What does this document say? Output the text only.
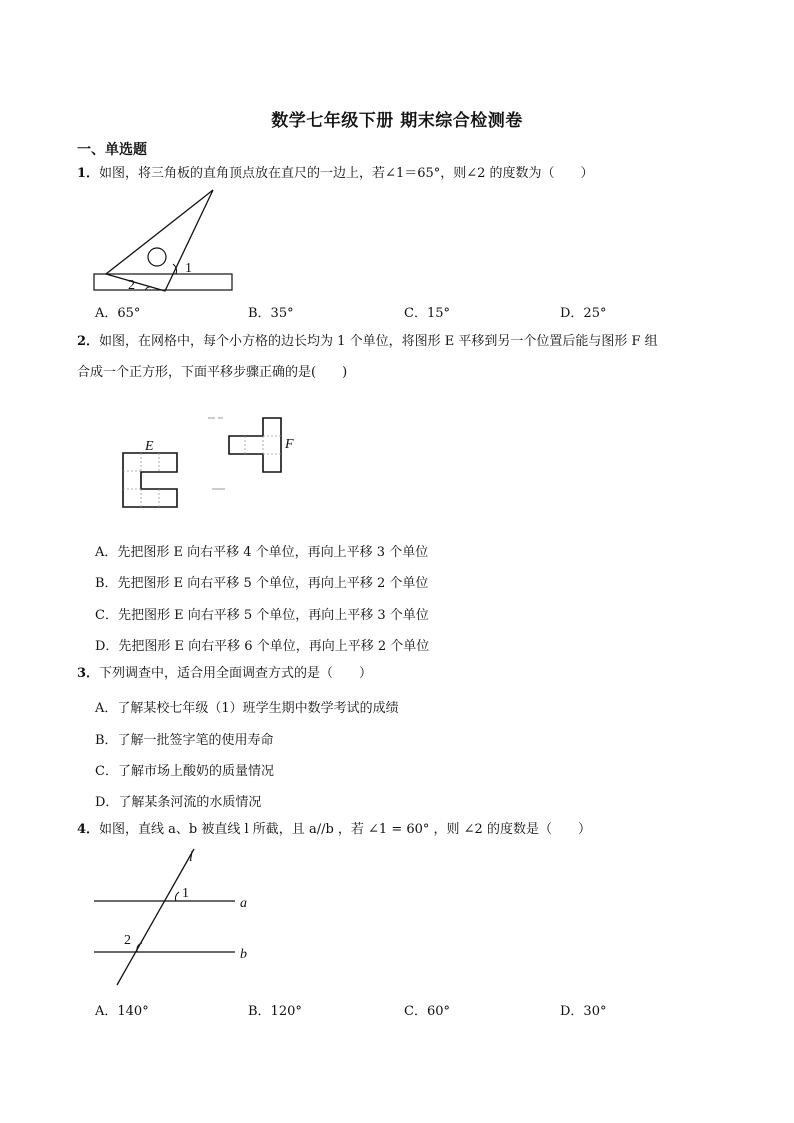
数学七年级下册 期末综合检测卷
一、单选题
1．如图，将三角板的直角顶点放在直尺的一边上，若∠1＝65°，则∠2 的度数为（　　）
1
2
A．65°	B．35°	C．15°	D．25°
2．如图，在网格中，每个小方格的边长均为 1 个单位，将图形 E 平移到另一个位置后能与图形 F 组
合成一个正方形，下面平移步骤正确的是(　　)
E	F
A．先把图形 E 向右平移 4 个单位，再向上平移 3 个单位
B．先把图形 E 向右平移 5 个单位，再向上平移 2 个单位
C．先把图形 E 向右平移 5 个单位，再向上平移 3 个单位
D．先把图形 E 向右平移 6 个单位，再向上平移 2 个单位
3．下列调查中，适合用全面调查方式的是（　　）
A．了解某校七年级（1）班学生期中数学考试的成绩
B．了解一批签字笔的使用寿命
C．了解市场上酸奶的质量情况
D．了解某条河流的水质情况
4．如图，直线 a、b 被直线 l 所截，且 a//b ，若 ∠1 = 60° ，则 ∠2 的度数是（　　）
l
1
a
2
b
A．140°	B．120°	C．60°	D．30°
